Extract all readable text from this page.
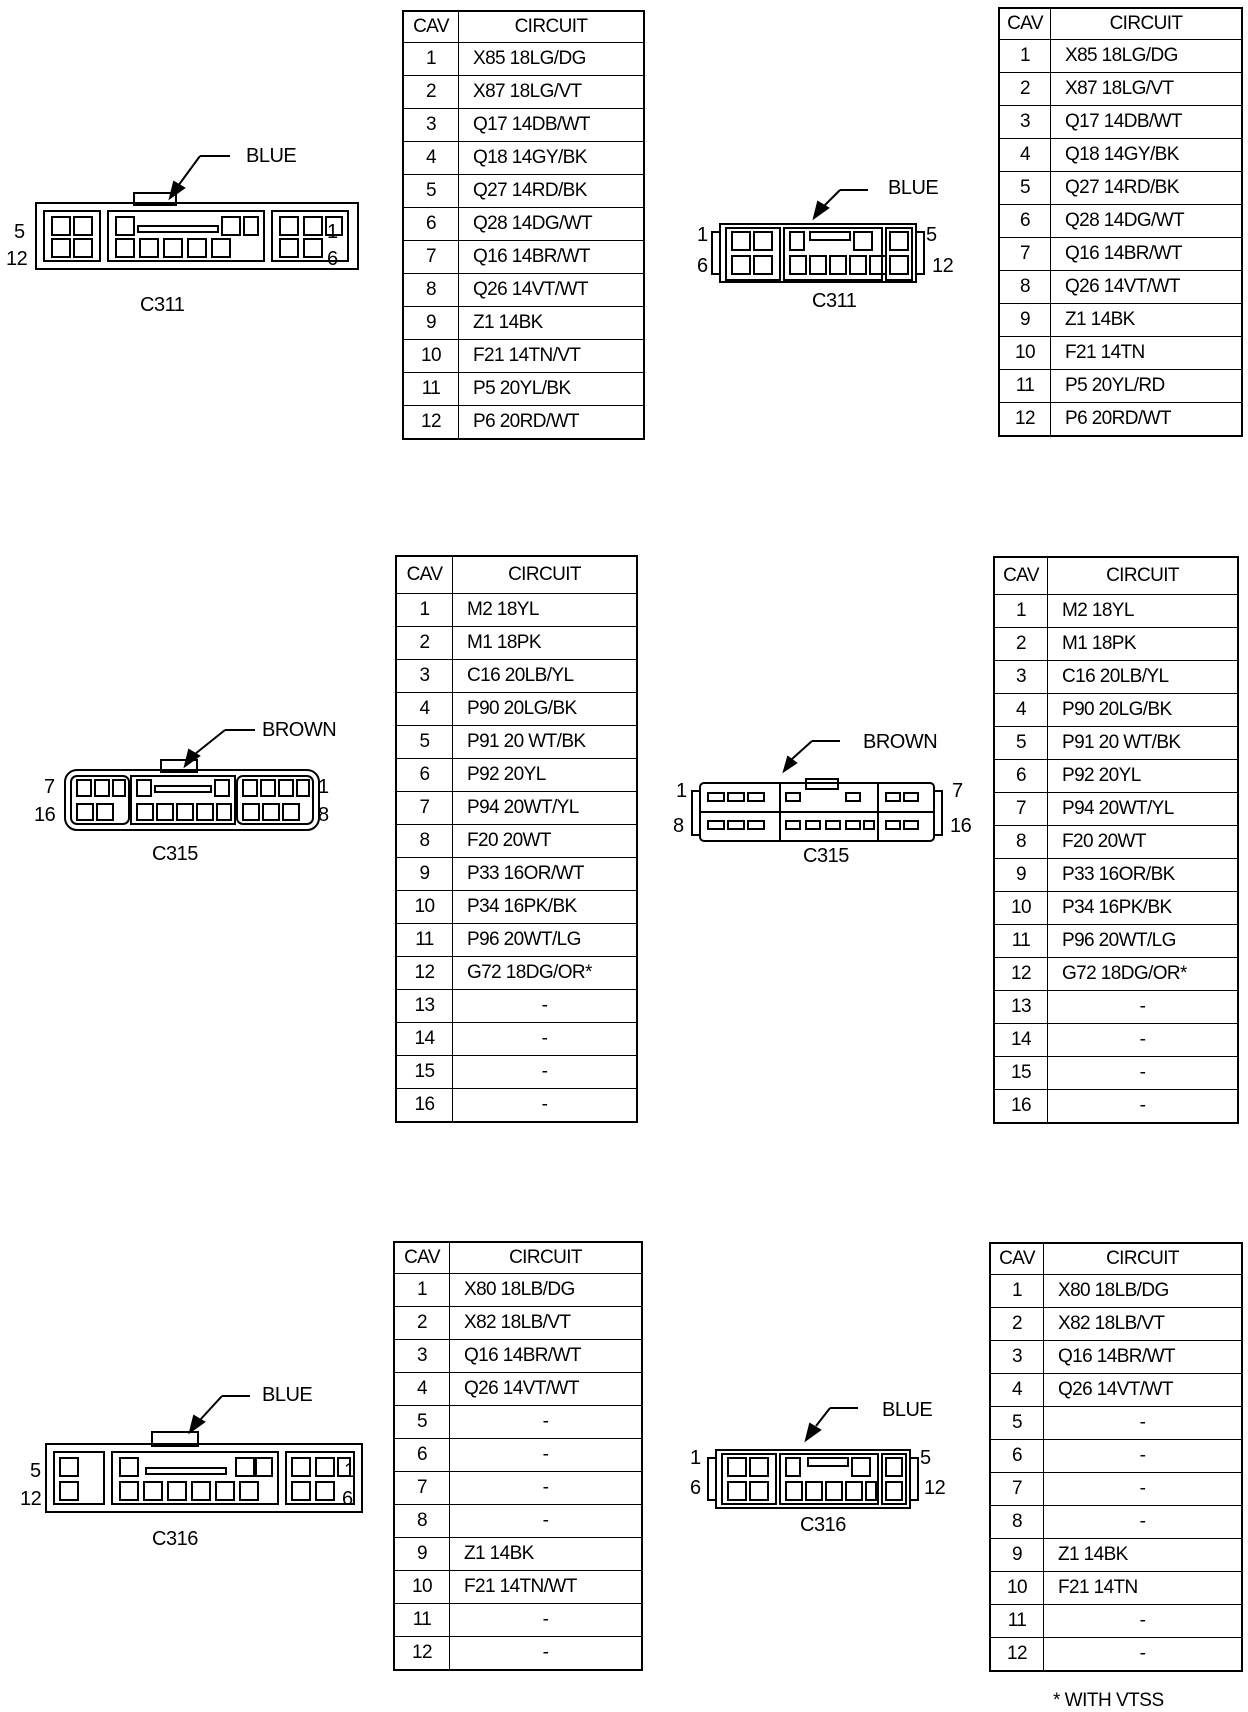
BLUE
5
12
1
6
C311
CAV	CIRCUIT
1	X85 18LG/DG
2	X87 18LG/VT
3	Q17 14DB/WT
4	Q18 14GY/BK
5	Q27 14RD/BK
6	Q28 14DG/WT
7	Q16 14BR/WT
8	Q26 14VT/WT
9	Z1 14BK
10	F21 14TN/VT
11	P5 20YL/BK
12	P6 20RD/WT
BLUE
1
6
5
12
C311
CAV	CIRCUIT
1	X85 18LG/DG
2	X87 18LG/VT
3	Q17 14DB/WT
4	Q18 14GY/BK
5	Q27 14RD/BK
6	Q28 14DG/WT
7	Q16 14BR/WT
8	Q26 14VT/WT
9	Z1 14BK
10	F21 14TN
11	P5 20YL/RD
12	P6 20RD/WT
BROWN
7
16
1
8
C315
CAV	CIRCUIT
1	M2 18YL
2	M1 18PK
3	C16 20LB/YL
4	P90 20LG/BK
5	P91 20 WT/BK
6	P92 20YL
7	P94 20WT/YL
8	F20 20WT
9	P33 16OR/WT
10	P34 16PK/BK
11	P96 20WT/LG
12	G72 18DG/OR*
13	-
14	-
15	-
16	-
BROWN
1
8
7
16
C315
CAV	CIRCUIT
1	M2 18YL
2	M1 18PK
3	C16 20LB/YL
4	P90 20LG/BK
5	P91 20 WT/BK
6	P92 20YL
7	P94 20WT/YL
8	F20 20WT
9	P33 16OR/BK
10	P34 16PK/BK
11	P96 20WT/LG
12	G72 18DG/OR*
13	-
14	-
15	-
16	-
BLUE
5
12
1
6
C316
CAV	CIRCUIT
1	X80 18LB/DG
2	X82 18LB/VT
3	Q16 14BR/WT
4	Q26 14VT/WT
5	-
6	-
7	-
8	-
9	Z1 14BK
10	F21 14TN/WT
11	-
12	-
BLUE
1
6
5
12
C316
CAV	CIRCUIT
1	X80 18LB/DG
2	X82 18LB/VT
3	Q16 14BR/WT
4	Q26 14VT/WT
5	-
6	-
7	-
8	-
9	Z1 14BK
10	F21 14TN
11	-
12	-
* WITH VTSS
